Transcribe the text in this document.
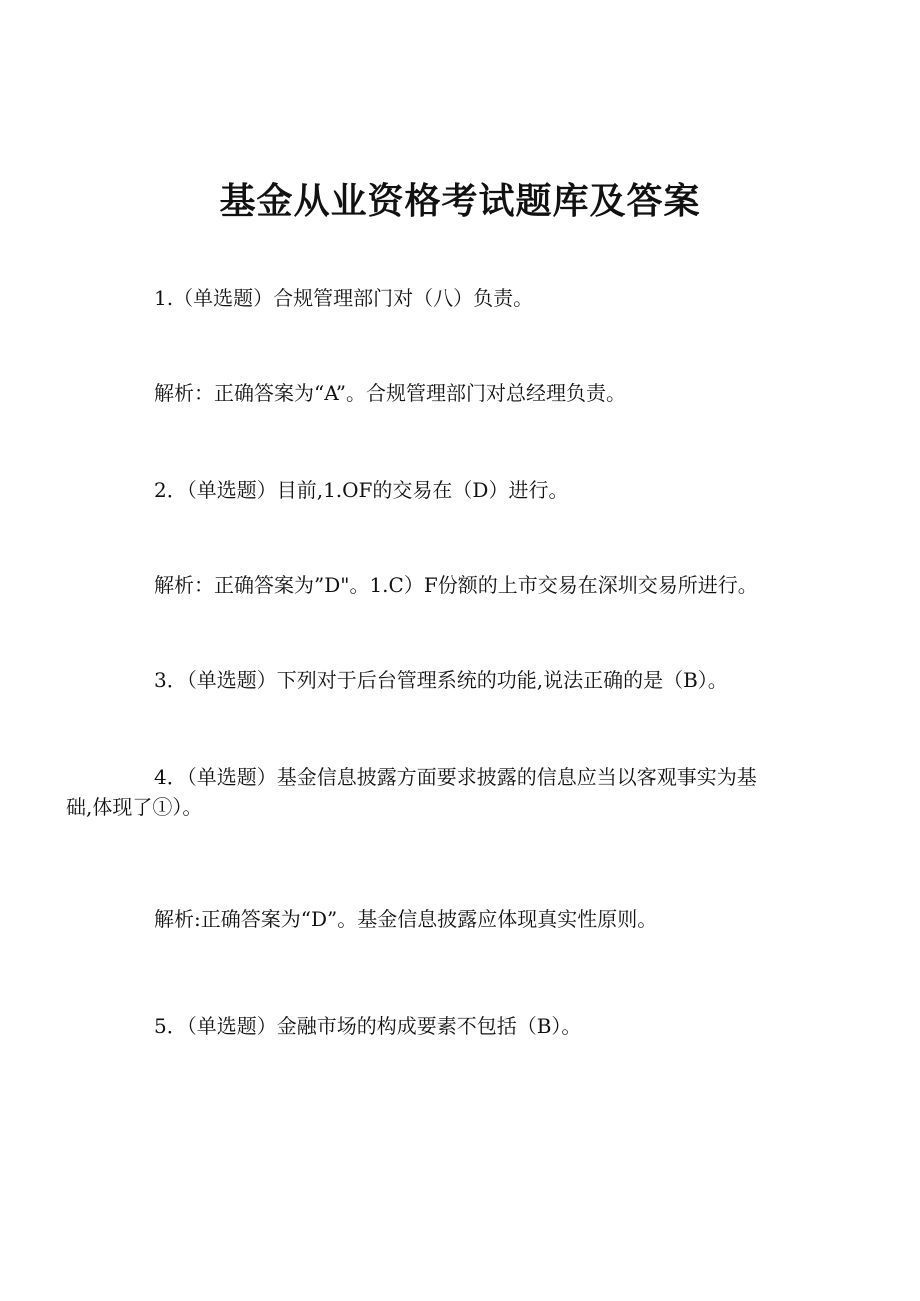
基金从业资格考试题库及答案

1.（单选题）合规管理部门对（八）负责。

解析：正确答案为“A”。合规管理部门对总经理负责。

2．（单选题）目前,1.OF的交易在（D）进行。

解析：正确答案为”D"。1.C）F份额的上市交易在深圳交易所进行。

3．（单选题）下列对于后台管理系统的功能,说法正确的是（B）。

4．（单选题）基金信息披露方面要求披露的信息应当以客观事实为基
础,体现了①）。

解析:正确答案为“D”。基金信息披露应体现真实性原则。

5．（单选题）金融市场的构成要素不包括（B）。
